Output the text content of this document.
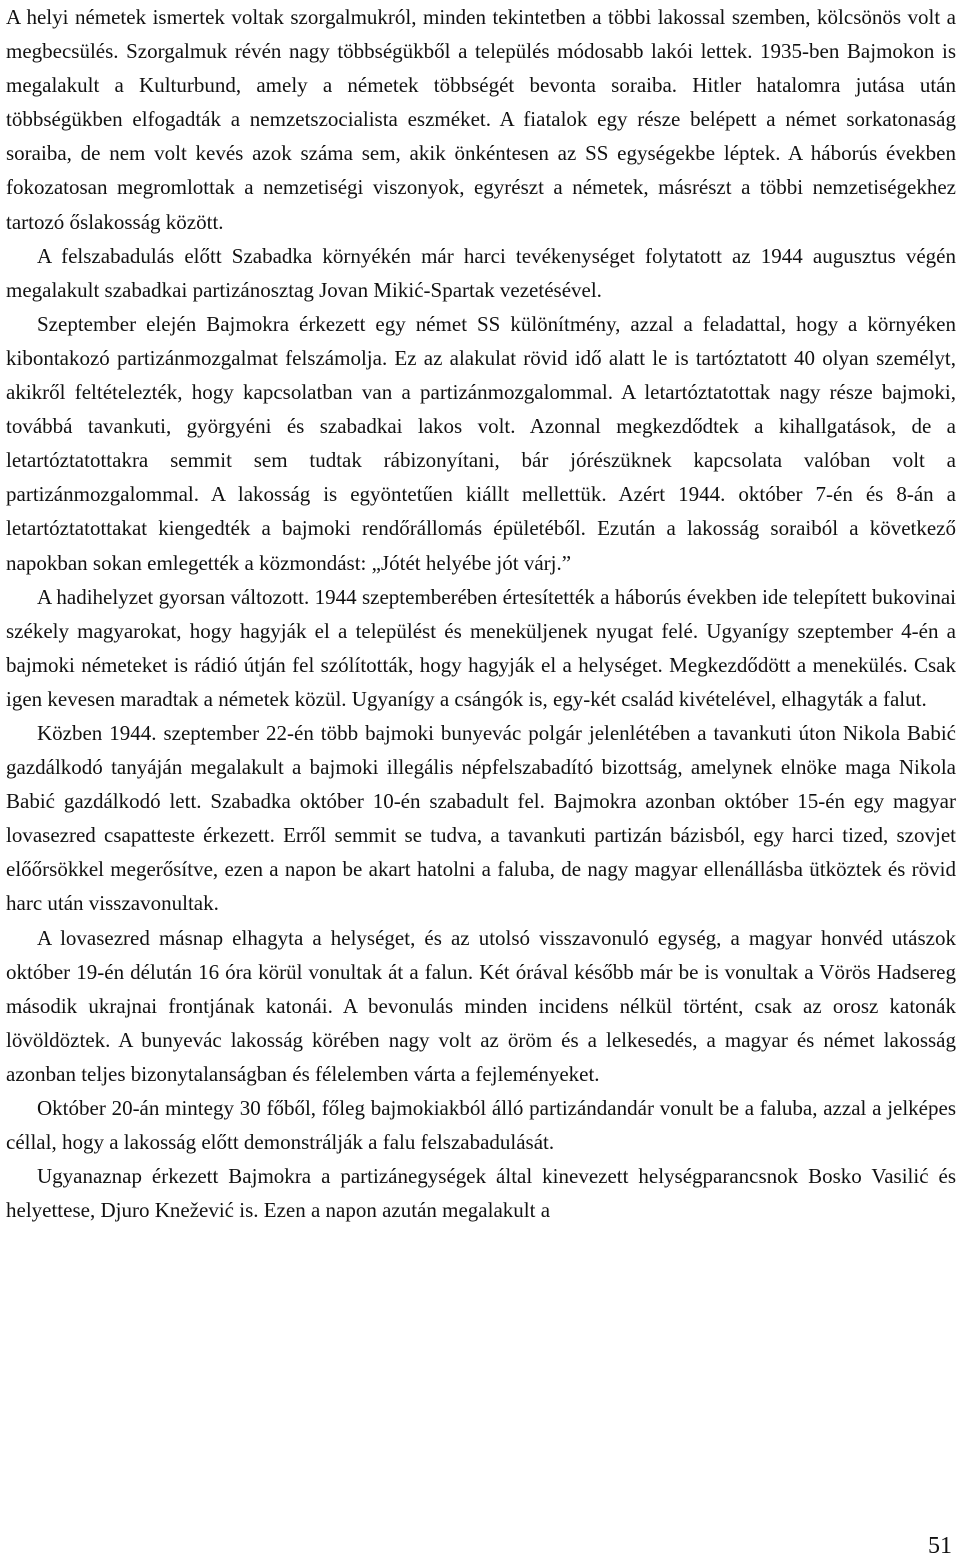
A helyi németek ismertek voltak szorgalmukról, minden tekintetben a többi lakossal szemben, kölcsönös volt a megbecsülés. Szorgalmuk révén nagy többségükből a település módosabb lakói lettek. 1935-ben Bajmokon is megalakult a Kulturbund, amely a németek többségét bevonta soraiba. Hitler hatalomra jutása után többségükben elfogadták a nemzetszocialista eszméket. A fiatalok egy része belépett a német sorkatonaság soraiba, de nem volt kevés azok száma sem, akik önkéntesen az SS egységekbe léptek. A háborús években fokozatosan megromlottak a nemzetiségi viszonyok, egyrészt a németek, másrészt a többi nemzetiségekhez tartozó őslakosság között.

A felszabadulás előtt Szabadka környékén már harci tevékenységet folytatott az 1944 augusztus végén megalakult szabadkai partizánosztag Jovan Mikić-Spartak vezetésével.

Szeptember elején Bajmokra érkezett egy német SS különítmény, azzal a feladattal, hogy a környéken kibontakozó partizánmozgalmat felszámolja. Ez az alakulat rövid idő alatt le is tartóztatott 40 olyan személyt, akikről feltételezték, hogy kapcsolatban van a partizánmozgalommal. A letartóztatottak nagy része bajmoki, továbbá tavankuti, györgyéni és szabadkai lakos volt. Azonnal megkezdődtek a kihallgatások, de a letartóztatottakra semmit sem tudtak rábizonyítani, bár jórészüknek kapcsolata valóban volt a partizánmozgalommal. A lakosság is egyöntetűen kiállt mellettük. Azért 1944. október 7-én és 8-án a letartóztatottakat kiengedték a bajmoki rendőrállomás épületéből. Ezután a lakosság soraiból a következő napokban sokan emlegették a közmondást: „Jótét helyébe jót várj.”

A hadihelyzet gyorsan változott. 1944 szeptemberében értesítették a háborús években ide telepített bukovinai székely magyarokat, hogy hagyják el a települést és meneküljenek nyugat felé. Ugyanígy szeptember 4-én a bajmoki németeket is rádió útján fel szólították, hogy hagyják el a helységet. Megkezdődött a menekülés. Csak igen kevesen maradtak a németek közül. Ugyanígy a csángók is, egy-két család kivételével, elhagyták a falut.

Közben 1944. szeptember 22-én több bajmoki bunyevác polgár jelenlétében a tavankuti úton Nikola Babić gazdálkodó tanyáján megalakult a bajmoki illegális népfelszabadító bizottság, amelynek elnöke maga Nikola Babić gazdálkodó lett. Szabadka október 10-én szabadult fel. Bajmokra azonban október 15-én egy magyar lovasezred csapatteste érkezett. Erről semmit se tudva, a tavankuti partizán bázisból, egy harci tized, szovjet előőrsökkel megerősítve, ezen a napon be akart hatolni a faluba, de nagy magyar ellenállásba ütköztek és rövid harc után visszavonultak.

A lovasezred másnap elhagyta a helységet, és az utolsó visszavonuló egység, a magyar honvéd utászok október 19-én délután 16 óra körül vonultak át a falun. Két órával később már be is vonultak a Vörös Hadsereg második ukrajnai frontjának katonái. A bevonulás minden incidens nélkül történt, csak az orosz katonák lövöldöztek. A bunyevác lakosság körében nagy volt az öröm és a lelkesedés, a magyar és német lakosság azonban teljes bizonytalanságban és félelemben várta a fejleményeket.

Október 20-án mintegy 30 főből, főleg bajmokiakból álló partizándandár vonult be a faluba, azzal a jelképes céllal, hogy a lakosság előtt demonstrálják a falu felszabadulását.

Ugyanaznap érkezett Bajmokra a partizánegységek által kinevezett helységparancsnok Bosko Vasilić és helyettese, Djuro Knežević is. Ezen a napon azután megalakult a

51
